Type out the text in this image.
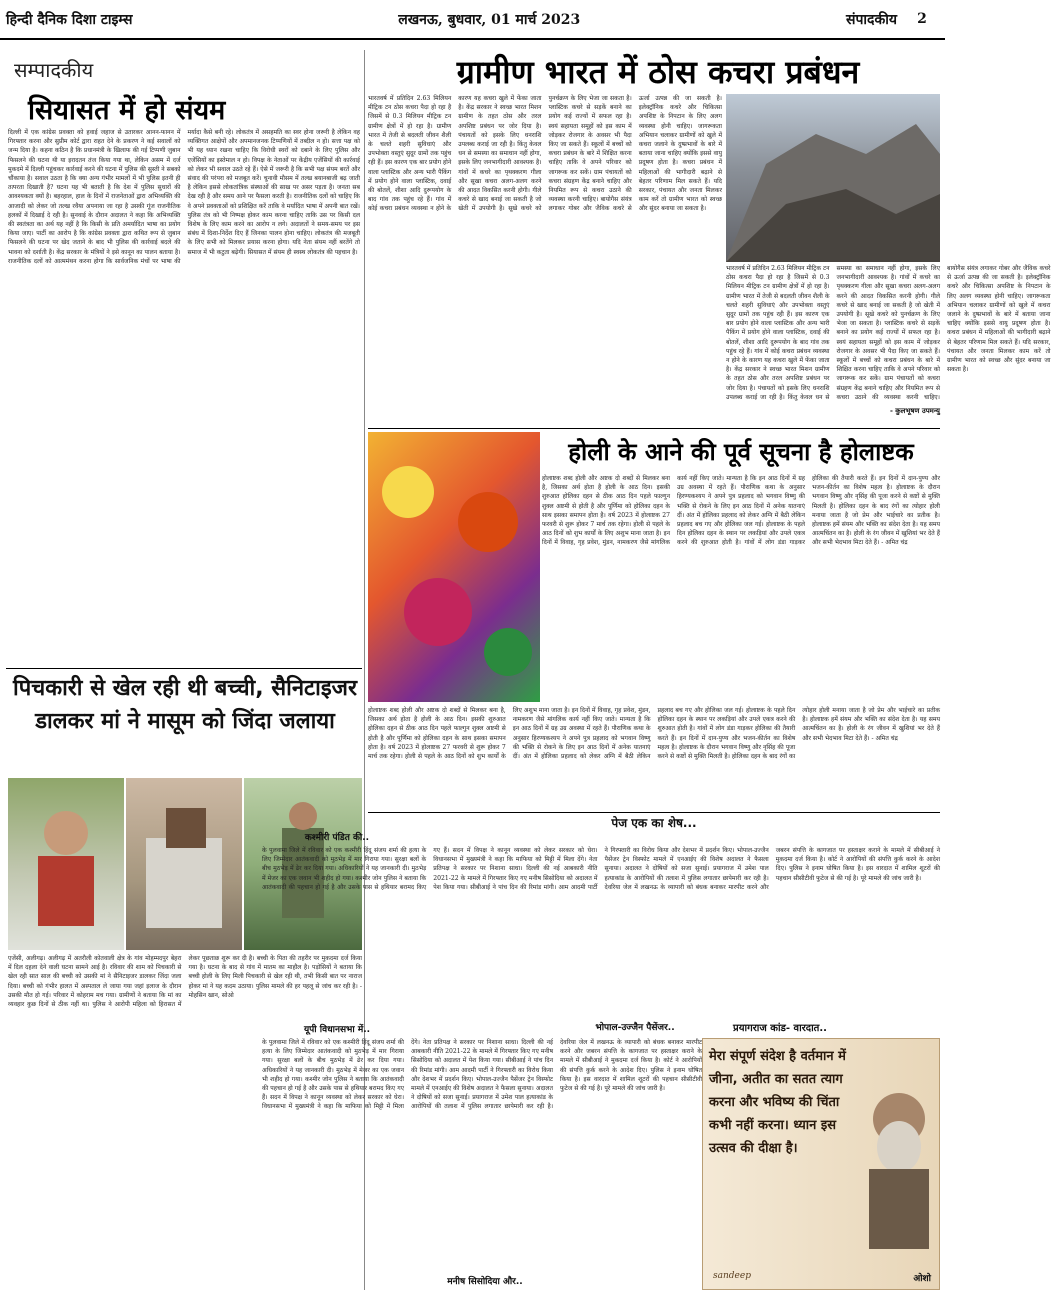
हिन्दी दैनिक दिशा टाइम्स	लखनऊ, बुधवार, 01 मार्च 2023	संपादकीय	2
सम्पादकीय
सियासत में हो संयम
दिल्ली में एक कांग्रेस प्रवक्ता को हवाई जहाज से उतारकर आनन-फानन में गिरफ्तार करना और सुप्रीम कोर्ट द्वारा राहत देने के प्रकरण ने कई सवालों को जन्म दिया है। कहना कठिन है कि प्रधानमंत्री के खिलाफ की गई टिप्पणी जुबान फिसलने की घटना थी या इरादतन तंज किया गया था, लेकिन असम में दर्ज मुकदमे में दिल्ली पहुंचकर कार्रवाई करने की घटना में पुलिस की सुस्ती ने सबको चौंकाया है। सवाल उठता है कि क्या अन्य गंभीर मामलों में भी पुलिस इतनी ही तत्परता दिखाती है? घटना यह भी बताती है कि देश में पुलिस सुधारों की आवश्यकता क्यों है। बहरहाल, हाल के दिनों में राजनेताओं द्वारा अभिव्यक्ति की आजादी को लेकर जो तल्ख रवैया अपनाया जा रहा है उसकी गूंज राजनीतिक हलकों में दिखाई दे रही है। सुनवाई के दौरान अदालत ने कहा कि अभिव्यक्ति की स्वतंत्रता का अर्थ यह नहीं है कि किसी के प्रति अमर्यादित भाषा का प्रयोग किया जाए। पार्टी का आरोप है कि कांग्रेस प्रवक्ता द्वारा कथित रूप से जुबान फिसलने की घटना पर खेद जताने के बाद भी पुलिस की कार्रवाई बदले की भावना को दर्शाती है। केंद्र सरकार के मंत्रियों ने इसे कानून का पालन बताया है। राजनीतिक दलों को आत्ममंथन करना होगा कि सार्वजनिक मंचों पर भाषा की मर्यादा कैसे बनी रहे। लोकतंत्र में असहमति का स्वर होना जरूरी है लेकिन वह व्यक्तिगत आक्षेपों और अपमानजनक टिप्पणियों में तब्दील न हो। सत्ता पक्ष को भी यह ध्यान रखना चाहिए कि विरोधी स्वरों को दबाने के लिए पुलिस और एजेंसियों का इस्तेमाल न हो। विपक्ष के नेताओं पर केंद्रीय एजेंसियों की कार्रवाई को लेकर भी सवाल उठते रहे हैं। ऐसे में जरूरी है कि सभी पक्ष संयम बरतें और संवाद की परंपरा को मजबूत करें। चुनावी मौसम में तल्ख बयानबाजी बढ़ जाती है लेकिन इससे लोकतांत्रिक संस्थाओं की साख पर असर पड़ता है। जनता सब देख रही है और समय आने पर फैसला करती है। राजनीतिक दलों को चाहिए कि वे अपने प्रवक्ताओं को प्रशिक्षित करें ताकि वे मर्यादित भाषा में अपनी बात रखें। पुलिस तंत्र को भी निष्पक्ष होकर काम करना चाहिए ताकि उस पर किसी दल विशेष के लिए काम करने का आरोप न लगे। अदालतों ने समय-समय पर इस संबंध में दिशा-निर्देश दिए हैं जिनका पालन होना चाहिए। लोकतंत्र की मजबूती के लिए सभी को मिलकर प्रयास करना होगा। यदि नेता संयम नहीं बरतेंगे तो समाज में भी कटुता बढ़ेगी। सियासत में संयम ही स्वस्थ लोकतंत्र की पहचान है।
पिचकारी से खेल रही थी बच्ची, सैनिटाइजर डालकर मां ने मासूम को जिंदा जलाया
एजेंसी, अलीगढ़। अलीगढ़ में अतरौली कोतवाली क्षेत्र के गांव मोहम्मदपुर बेहरा में दिल दहला देने वाली घटना सामने आई है। रविवार की शाम को पिचकारी से खेल रही सात साल की बच्ची को उसकी मां ने सैनिटाइजर डालकर जिंदा जला दिया। बच्ची को गंभीर हालत में अस्पताल ले जाया गया जहां इलाज के दौरान उसकी मौत हो गई। परिवार में कोहराम मच गया। ग्रामीणों ने बताया कि मां का व्यवहार कुछ दिनों से ठीक नहीं था। पुलिस ने आरोपी महिला को हिरासत में लेकर पूछताछ शुरू कर दी है। बच्ची के पिता की तहरीर पर मुकदमा दर्ज किया गया है। घटना के बाद से गांव में मातम का माहौल है। पड़ोसियों ने बताया कि बच्ची होली के लिए मिली पिचकारी से खेल रही थी, तभी किसी बात पर नाराज होकर मां ने यह कदम उठाया। पुलिस मामले की हर पहलू से जांच कर रही है। - मोहसिन खान, सोओ
ग्रामीण भारत में ठोस कचरा प्रबंधन
भारतवर्ष में प्रतिदिन 2.63 मिलियन मीट्रिक टन ठोस कचरा पैदा हो रहा है जिसमें से 0.3 मिलियन मीट्रिक टन ग्रामीण क्षेत्रों में हो रहा है। ग्रामीण भारत में तेजी से बदलती जीवन शैली के चलते शहरी सुविधाएं और उपभोक्ता वस्तुएं सुदूर ग्रामों तक पहुंच रही हैं। इस कारण एक बार प्रयोग होने वाला प्लास्टिक और अन्य भारी पैकिंग में प्रयोग होने वाला प्लास्टिक, दवाई की बोतलें, शीशा आदि दुरूपयोग के बाद गांव तक पहुंच रहे हैं। गांव में कोई कचरा प्रबंधन व्यवस्था न होने के कारण यह कचरा खुले में फेंका जाता है। केंद्र सरकार ने स्वच्छ भारत मिशन ग्रामीण के तहत ठोस और तरल अपशिष्ट प्रबंधन पर जोर दिया है। पंचायतों को इसके लिए धनराशि उपलब्ध कराई जा रही है। किंतु केवल धन से समस्या का समाधान नहीं होगा, इसके लिए जनभागीदारी आवश्यक है। गांवों में कचरे का पृथक्करण गीला और सूखा कचरा अलग-अलग करने की आदत विकसित करनी होगी। गीले कचरे से खाद बनाई जा सकती है जो खेती में उपयोगी है। सूखे कचरे को पुनर्चक्रण के लिए भेजा जा सकता है। प्लास्टिक कचरे से सड़कें बनाने का प्रयोग कई राज्यों में सफल रहा है। स्वयं सहायता समूहों को इस काम में जोड़कर रोजगार के अवसर भी पैदा किए जा सकते हैं। स्कूलों में बच्चों को कचरा प्रबंधन के बारे में शिक्षित करना चाहिए ताकि वे अपने परिवार को जागरूक कर सकें। ग्राम पंचायतों को कचरा संग्रहण केंद्र बनाने चाहिए और नियमित रूप से कचरा उठाने की व्यवस्था करनी चाहिए। बायोगैस संयंत्र लगाकर गोबर और जैविक कचरे से ऊर्जा उत्पन्न की जा सकती है। इलेक्ट्रॉनिक कचरे और चिकित्सा अपशिष्ट के निपटान के लिए अलग व्यवस्था होनी चाहिए। जागरूकता अभियान चलाकर ग्रामीणों को खुले में कचरा जलाने के दुष्प्रभावों के बारे में बताया जाना चाहिए क्योंकि इससे वायु प्रदूषण होता है। कचरा प्रबंधन में महिलाओं की भागीदारी बढ़ाने से बेहतर परिणाम मिल सकते हैं। यदि सरकार, पंचायत और जनता मिलकर काम करें तो ग्रामीण भारत को स्वच्छ और सुंदर बनाया जा सकता है।
भारतवर्ष में प्रतिदिन 2.63 मिलियन मीट्रिक टन ठोस कचरा पैदा हो रहा है जिसमें से 0.3 मिलियन मीट्रिक टन ग्रामीण क्षेत्रों में हो रहा है। ग्रामीण भारत में तेजी से बदलती जीवन शैली के चलते शहरी सुविधाएं और उपभोक्ता वस्तुएं सुदूर ग्रामों तक पहुंच रही हैं। इस कारण एक बार प्रयोग होने वाला प्लास्टिक और अन्य भारी पैकिंग में प्रयोग होने वाला प्लास्टिक, दवाई की बोतलें, शीशा आदि दुरूपयोग के बाद गांव तक पहुंच रहे हैं। गांव में कोई कचरा प्रबंधन व्यवस्था न होने के कारण यह कचरा खुले में फेंका जाता है। केंद्र सरकार ने स्वच्छ भारत मिशन ग्रामीण के तहत ठोस और तरल अपशिष्ट प्रबंधन पर जोर दिया है। पंचायतों को इसके लिए धनराशि उपलब्ध कराई जा रही है। किंतु केवल धन से समस्या का समाधान नहीं होगा, इसके लिए जनभागीदारी आवश्यक है। गांवों में कचरे का पृथक्करण गीला और सूखा कचरा अलग-अलग करने की आदत विकसित करनी होगी। गीले कचरे से खाद बनाई जा सकती है जो खेती में उपयोगी है। सूखे कचरे को पुनर्चक्रण के लिए भेजा जा सकता है। प्लास्टिक कचरे से सड़कें बनाने का प्रयोग कई राज्यों में सफल रहा है। स्वयं सहायता समूहों को इस काम में जोड़कर रोजगार के अवसर भी पैदा किए जा सकते हैं। स्कूलों में बच्चों को कचरा प्रबंधन के बारे में शिक्षित करना चाहिए ताकि वे अपने परिवार को जागरूक कर सकें। ग्राम पंचायतों को कचरा संग्रहण केंद्र बनाने चाहिए और नियमित रूप से कचरा उठाने की व्यवस्था करनी चाहिए। बायोगैस संयंत्र लगाकर गोबर और जैविक कचरे से ऊर्जा उत्पन्न की जा सकती है। इलेक्ट्रॉनिक कचरे और चिकित्सा अपशिष्ट के निपटान के लिए अलग व्यवस्था होनी चाहिए। जागरूकता अभियान चलाकर ग्रामीणों को खुले में कचरा जलाने के दुष्प्रभावों के बारे में बताया जाना चाहिए क्योंकि इससे वायु प्रदूषण होता है। कचरा प्रबंधन में महिलाओं की भागीदारी बढ़ाने से बेहतर परिणाम मिल सकते हैं। यदि सरकार, पंचायत और जनता मिलकर काम करें तो ग्रामीण भारत को स्वच्छ और सुंदर बनाया जा सकता है।
- कुलभूषण उपमन्यु
होली के आने की पूर्व सूचना है होलाष्टक
होलाष्टक शब्द होली और अष्टक दो शब्दों से मिलकर बना है, जिसका अर्थ होता है होली के आठ दिन। इसकी शुरुआत होलिका दहन से ठीक आठ दिन पहले फाल्गुन शुक्ल अष्टमी से होती है और पूर्णिमा को होलिका दहन के साथ इसका समापन होता है। वर्ष 2023 में होलाष्टक 27 फरवरी से शुरू होकर 7 मार्च तक रहेगा। होली से पहले के आठ दिनों को शुभ कार्यों के लिए अशुभ माना जाता है। इन दिनों में विवाह, गृह प्रवेश, मुंडन, नामकरण जैसे मांगलिक कार्य नहीं किए जाते। मान्यता है कि इन आठ दिनों में ग्रह उग्र अवस्था में रहते हैं। पौराणिक कथा के अनुसार हिरण्यकश्यप ने अपने पुत्र प्रहलाद को भगवान विष्णु की भक्ति से रोकने के लिए इन आठ दिनों में अनेक यातनाएं दीं। अंत में होलिका प्रहलाद को लेकर अग्नि में बैठी लेकिन प्रहलाद बच गए और होलिका जल गई। होलाष्टक के पहले दिन होलिका दहन के स्थान पर लकड़ियां और उपले एकत्र करने की शुरुआत होती है। गांवों में लोग डंडा गाड़कर होलिका की तैयारी करते हैं। इन दिनों में दान-पुण्य और भजन-कीर्तन का विशेष महत्व है। होलाष्टक के दौरान भगवान विष्णु और नृसिंह की पूजा करने से कष्टों से मुक्ति मिलती है। होलिका दहन के बाद रंगों का त्योहार होली मनाया जाता है जो प्रेम और भाईचारे का प्रतीक है। होलाष्टक हमें संयम और भक्ति का संदेश देता है। यह समय आत्मचिंतन का है। होली के रंग जीवन में खुशियां भर देते हैं और सभी भेदभाव मिटा देते हैं। - अमित चंद्र
होलाष्टक शब्द होली और अष्टक दो शब्दों से मिलकर बना है, जिसका अर्थ होता है होली के आठ दिन। इसकी शुरुआत होलिका दहन से ठीक आठ दिन पहले फाल्गुन शुक्ल अष्टमी से होती है और पूर्णिमा को होलिका दहन के साथ इसका समापन होता है। वर्ष 2023 में होलाष्टक 27 फरवरी से शुरू होकर 7 मार्च तक रहेगा। होली से पहले के आठ दिनों को शुभ कार्यों के लिए अशुभ माना जाता है। इन दिनों में विवाह, गृह प्रवेश, मुंडन, नामकरण जैसे मांगलिक कार्य नहीं किए जाते। मान्यता है कि इन आठ दिनों में ग्रह उग्र अवस्था में रहते हैं। पौराणिक कथा के अनुसार हिरण्यकश्यप ने अपने पुत्र प्रहलाद को भगवान विष्णु की भक्ति से रोकने के लिए इन आठ दिनों में अनेक यातनाएं दीं। अंत में होलिका प्रहलाद को लेकर अग्नि में बैठी लेकिन प्रहलाद बच गए और होलिका जल गई। होलाष्टक के पहले दिन होलिका दहन के स्थान पर लकड़ियां और उपले एकत्र करने की शुरुआत होती है। गांवों में लोग डंडा गाड़कर होलिका की तैयारी करते हैं। इन दिनों में दान-पुण्य और भजन-कीर्तन का विशेष महत्व है। होलाष्टक के दौरान भगवान विष्णु और नृसिंह की पूजा करने से कष्टों से मुक्ति मिलती है। होलिका दहन के बाद रंगों का त्योहार होली मनाया जाता है जो प्रेम और भाईचारे का प्रतीक है। होलाष्टक हमें संयम और भक्ति का संदेश देता है। यह समय आत्मचिंतन का है। होली के रंग जीवन में खुशियां भर देते हैं और सभी भेदभाव मिटा देते हैं। - अमित चंद्र
पेज एक का शेष...
कश्मीरी पंडित की..
के पुलवामा जिले में रविवार को एक कश्मीरी हिंदू संजय शर्मा की हत्या के लिए जिम्मेदार आतंकवादी को मुठभेड़ में मार गिराया गया। सुरक्षा बलों के बीच मुठभेड़ में ढेर कर दिया गया। अधिकारियों ने यह जानकारी दी। मुठभेड़ में मेजर का एक जवान भी शहीद हो गया। कश्मीर जोन पुलिस ने बताया कि आतंकवादी की पहचान हो गई है और उसके पास से हथियार बरामद किए गए हैं। सदन में विपक्ष ने कानून व्यवस्था को लेकर सरकार को घेरा। विधानसभा में मुख्यमंत्री ने कहा कि माफिया को मिट्टी में मिला देंगे। नेता प्रतिपक्ष ने सरकार पर निशाना साधा। दिल्ली की नई आबकारी नीति 2021-22 के मामले में गिरफ्तार किए गए मनीष सिसोदिया को अदालत में पेश किया गया। सीबीआई ने पांच दिन की रिमांड मांगी। आम आदमी पार्टी ने गिरफ्तारी का विरोध किया और देशभर में प्रदर्शन किए। भोपाल-उज्जैन पैसेंजर ट्रेन विस्फोट मामले में एनआईए की विशेष अदालत ने फैसला सुनाया। अदालत ने दोषियों को सजा सुनाई। प्रयागराज में उमेश पाल हत्याकांड के आरोपियों की तलाश में पुलिस लगातार छापेमारी कर रही है। देवरिया जेल में लखनऊ के व्यापारी को बंधक बनाकर मारपीट करने और जबरन संपत्ति के कागजात पर हस्ताक्षर कराने के मामले में सीबीआई ने मुकदमा दर्ज किया है। कोर्ट ने आरोपियों की संपत्ति कुर्क करने के आदेश दिए। पुलिस ने इनाम घोषित किया है। इस वारदात में शामिल शूटरों की पहचान सीसीटीवी फुटेज से की गई है। पूरे मामले की जांच जारी है।
यूपी विधानसभा में..
के पुलवामा जिले में रविवार को एक कश्मीरी हिंदू संजय शर्मा की हत्या के लिए जिम्मेदार आतंकवादी को मुठभेड़ में मार गिराया गया। सुरक्षा बलों के बीच मुठभेड़ में ढेर कर दिया गया। अधिकारियों ने यह जानकारी दी। मुठभेड़ में मेजर का एक जवान भी शहीद हो गया। कश्मीर जोन पुलिस ने बताया कि आतंकवादी की पहचान हो गई है और उसके पास से हथियार बरामद किए गए हैं। सदन में विपक्ष ने कानून व्यवस्था को लेकर सरकार को घेरा। विधानसभा में मुख्यमंत्री ने कहा कि माफिया को मिट्टी में मिला देंगे। नेता प्रतिपक्ष ने सरकार पर निशाना साधा। दिल्ली की नई आबकारी नीति 2021-22 के मामले में गिरफ्तार किए गए मनीष सिसोदिया को अदालत में पेश किया गया। सीबीआई ने पांच दिन की रिमांड मांगी। आम आदमी पार्टी ने गिरफ्तारी का विरोध किया और देशभर में प्रदर्शन किए। भोपाल-उज्जैन पैसेंजर ट्रेन विस्फोट मामले में एनआईए की विशेष अदालत ने फैसला सुनाया। अदालत ने दोषियों को सजा सुनाई। प्रयागराज में उमेश पाल हत्याकांड के आरोपियों की तलाश में पुलिस लगातार छापेमारी कर रही है। देवरिया जेल में लखनऊ के व्यापारी को बंधक बनाकर मारपीट करने और जबरन संपत्ति के कागजात पर हस्ताक्षर कराने के मामले में सीबीआई ने मुकदमा दर्ज किया है। कोर्ट ने आरोपियों की संपत्ति कुर्क करने के आदेश दिए। पुलिस ने इनाम घोषित किया है। इस वारदात में शामिल शूटरों की पहचान सीसीटीवी फुटेज से की गई है। पूरे मामले की जांच जारी है।
मनीष सिसोदिया और..
भोपाल-उज्जैन पैसेंजर..	प्रयागराज कांड- वारदात..
मेरा संपूर्ण संदेश है वर्तमान में जीना, अतीत का सतत त्याग करना और भविष्य की चिंता कभी नहीं करना। ध्यान इस उत्सव की दीक्षा है।
sandeep	ओशो
